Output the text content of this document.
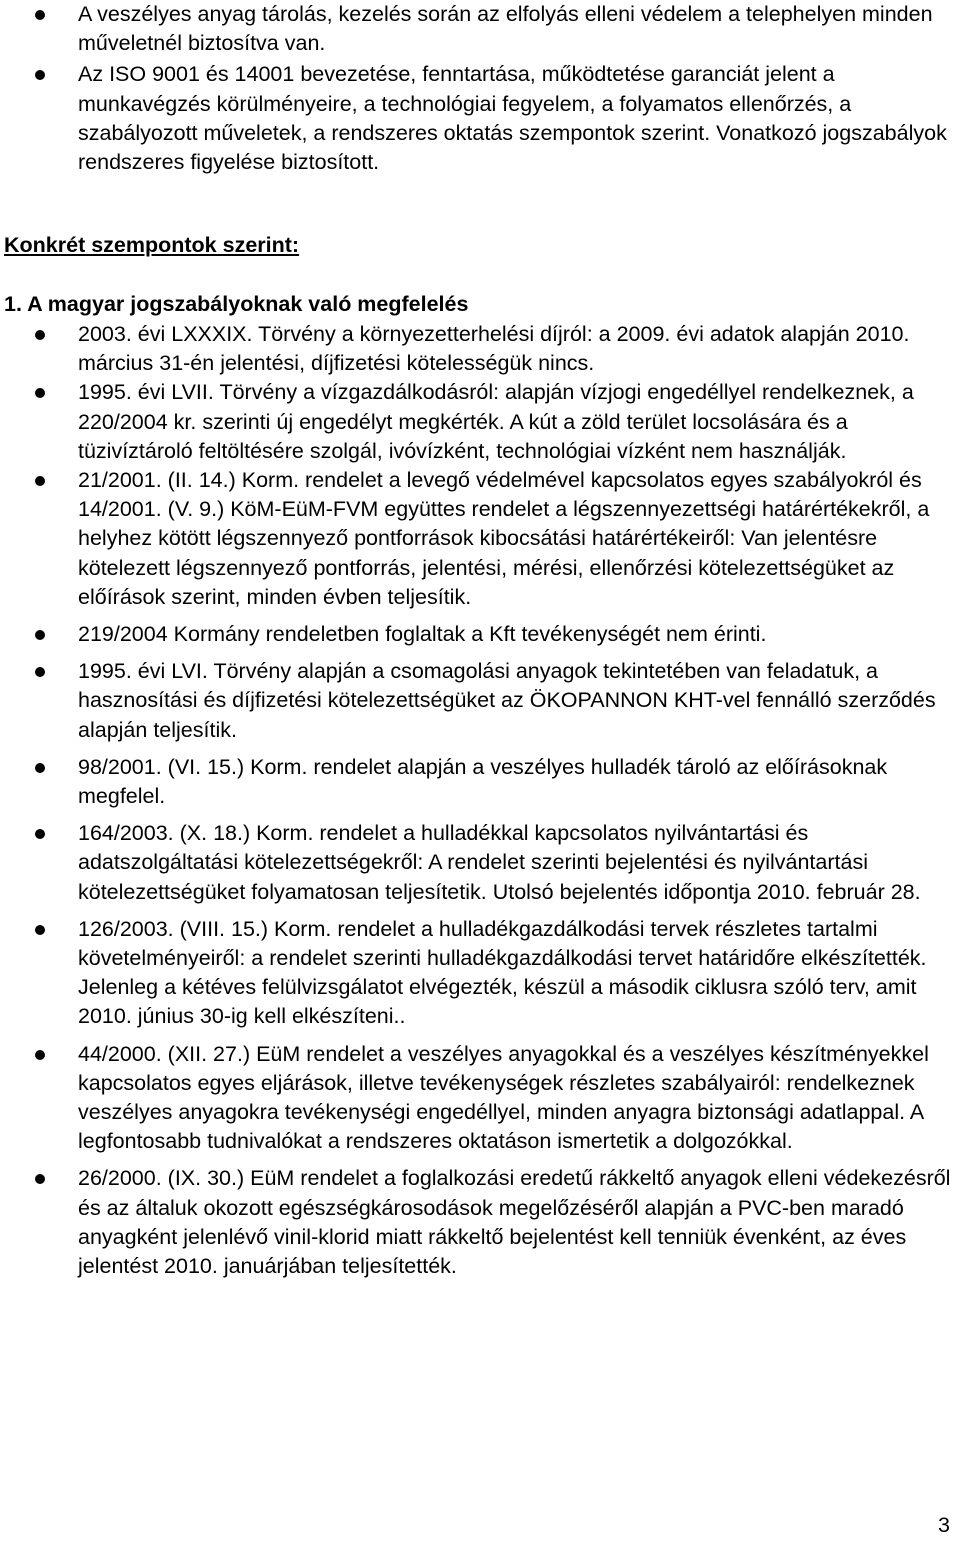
A veszélyes anyag tárolás, kezelés során az elfolyás elleni védelem a telephelyen minden műveletnél biztosítva van.
Az ISO 9001 és 14001 bevezetése, fenntartása, működtetése garanciát jelent a munkavégzés körülményeire, a technológiai fegyelem, a folyamatos ellenőrzés, a szabályozott műveletek, a rendszeres oktatás szempontok szerint. Vonatkozó jogszabályok rendszeres figyelése biztosított.
Konkrét szempontok szerint:
1. A magyar jogszabályoknak való megfelelés
2003. évi LXXXIX. Törvény a környezetterhelési díjról: a 2009. évi adatok alapján 2010. március 31-én jelentési, díjfizetési kötelességük nincs.
1995. évi LVII. Törvény a vízgazdálkodásról: alapján vízjogi engedéllyel rendelkeznek, a 220/2004 kr. szerinti új engedélyt megkérték. A kút a zöld terület locsolására és a tüzivíztároló feltöltésére szolgál, ivóvízként, technológiai vízként nem használják.
21/2001. (II. 14.) Korm. rendelet a levegő védelmével kapcsolatos egyes szabályokról és 14/2001. (V. 9.) KöM-EüM-FVM együttes rendelet a légszennyezettségi határértékekről, a helyhez kötött légszennyező pontforrások kibocsátási határértékeiről: Van jelentésre kötelezett légszennyező pontforrás, jelentési, mérési, ellenőrzési kötelezettségüket az előírások szerint, minden évben teljesítik.
219/2004 Kormány rendeletben foglaltak a Kft tevékenységét nem érinti.
1995. évi LVI. Törvény alapján a csomagolási anyagok tekintetében van feladatuk, a hasznosítási és díjfizetési kötelezettségüket az ÖKOPANNON KHT-vel fennálló szerződés alapján teljesítik.
98/2001. (VI. 15.) Korm. rendelet alapján a veszélyes hulladék tároló az előírásoknak megfelel.
164/2003. (X. 18.) Korm. rendelet a hulladékkal kapcsolatos nyilvántartási és adatszolgáltatási kötelezettségekről: A rendelet szerinti bejelentési és nyilvántartási kötelezettségüket folyamatosan teljesítetik. Utolsó bejelentés időpontja 2010. február 28.
126/2003. (VIII. 15.) Korm. rendelet a hulladékgazdálkodási tervek részletes tartalmi követelményeiről: a rendelet szerinti hulladékgazdálkodási tervet határidőre elkészítették. Jelenleg a kétéves felülvizsgálatot elvégezték, készül a második ciklusra szóló terv, amit 2010. június 30-ig kell elkészíteni..
44/2000. (XII. 27.) EüM rendelet a veszélyes anyagokkal és a veszélyes készítményekkel kapcsolatos egyes eljárások, illetve tevékenységek részletes szabályairól: rendelkeznek veszélyes anyagokra tevékenységi engedéllyel, minden anyagra biztonsági adatlappal. A legfontosabb tudnivalókat a rendszeres oktatáson ismertetik a dolgozókkal.
26/2000. (IX. 30.) EüM rendelet a foglalkozási eredetű rákkeltő anyagok elleni védekezésről és az általuk okozott egészségkárosodások megelőzéséről alapján a PVC-ben maradó anyagként jelenlévő vinil-klorid miatt rákkeltő bejelentést kell tenniük évenként, az éves jelentést 2010. januárjában teljesítették.
3
